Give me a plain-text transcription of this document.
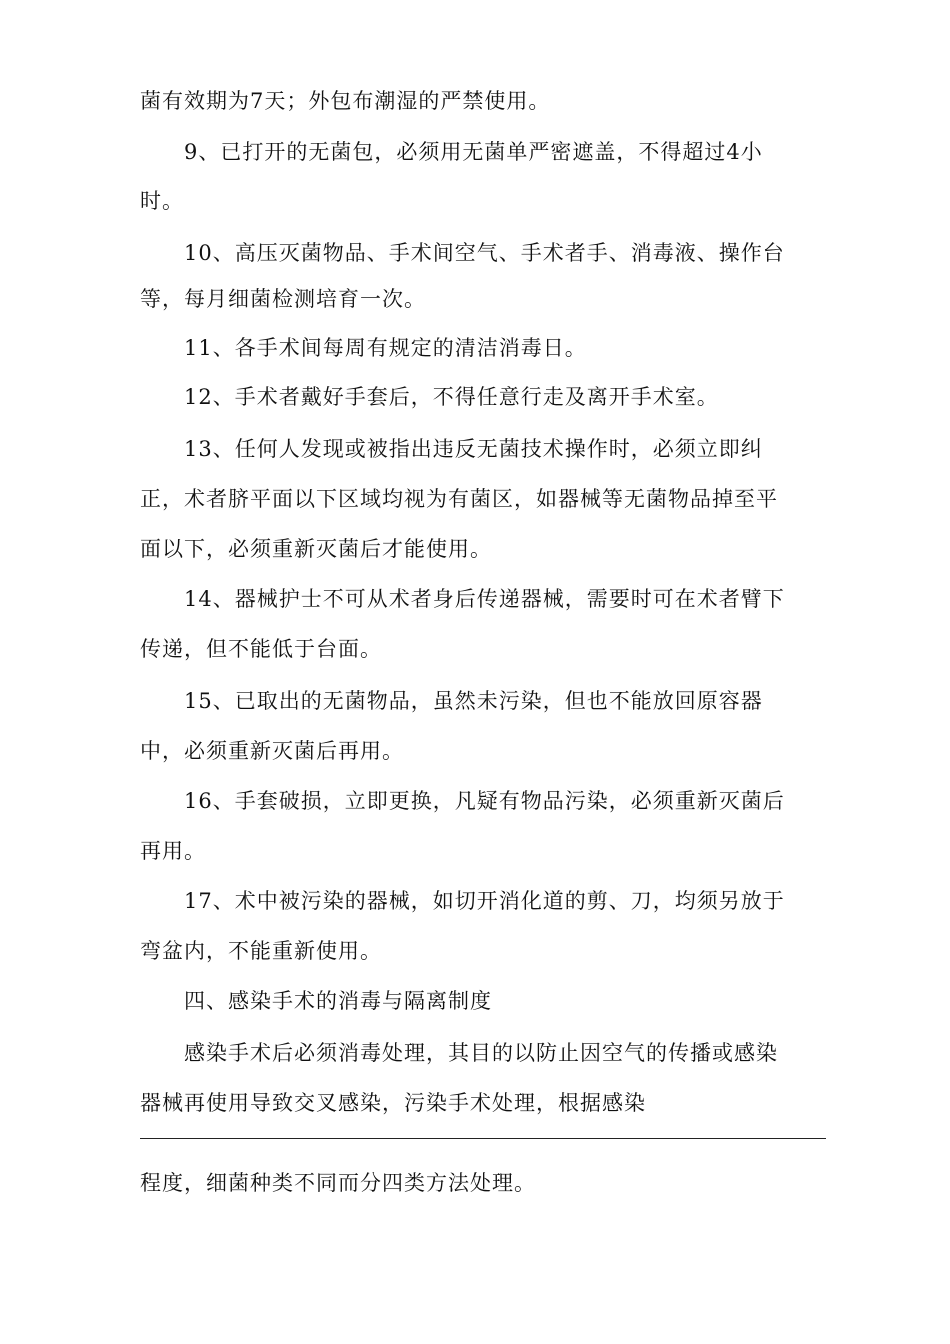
菌有效期为7天；外包布潮湿的严禁使用。
　　9、已打开的无菌包，必须用无菌单严密遮盖，不得超过4小
时。
　　10、高压灭菌物品、手术间空气、手术者手、消毒液、操作台
等，每月细菌检测培育一次。
　　11、各手术间每周有规定的清洁消毒日。
　　12、手术者戴好手套后，不得任意行走及离开手术室。
　　13、任何人发现或被指出违反无菌技术操作时，必须立即纠
正，术者脐平面以下区域均视为有菌区，如器械等无菌物品掉至平
面以下，必须重新灭菌后才能使用。
　　14、器械护士不可从术者身后传递器械，需要时可在术者臂下
传递，但不能低于台面。
　　15、已取出的无菌物品，虽然未污染，但也不能放回原容器
中，必须重新灭菌后再用。
　　16、手套破损，立即更换，凡疑有物品污染，必须重新灭菌后
再用。
　　17、术中被污染的器械，如切开消化道的剪、刀，均须另放于
弯盆内，不能重新使用。
　　四、感染手术的消毒与隔离制度
　　感染手术后必须消毒处理，其目的以防止因空气的传播或感染
器械再使用导致交叉感染，污染手术处理，根据感染
程度，细菌种类不同而分四类方法处理。
